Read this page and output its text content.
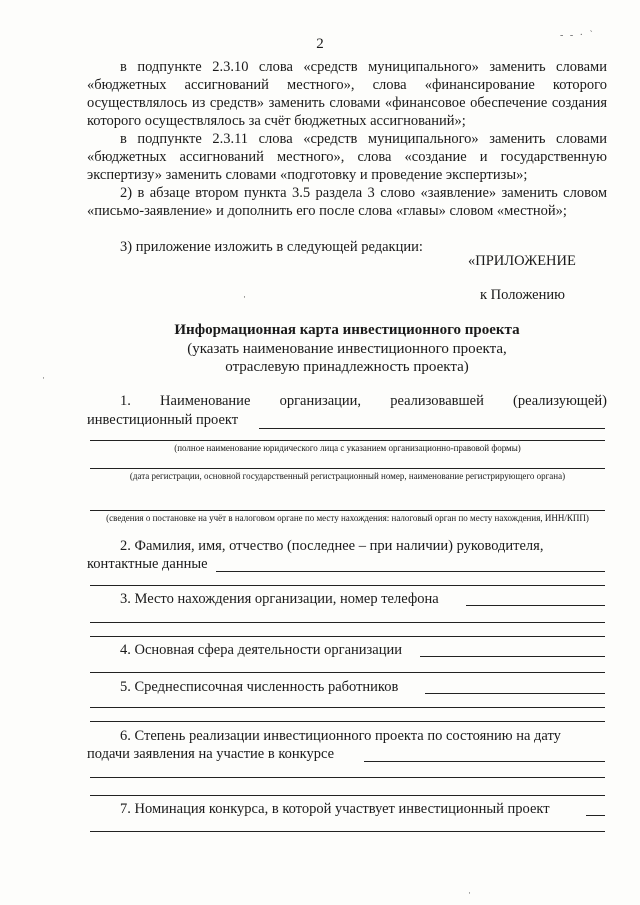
2
- ‐ · ˋ
·
·
·
в подпункте 2.3.10 слова «средств муниципального» заменить словами «бюджетных ассигнований местного», слова «финансирование которого осуществлялось из средств» заменить словами «финансовое обеспечение создания которого осуществлялось за счёт бюджетных ассигнований»;
в подпункте 2.3.11 слова «средств муниципального» заменить словами «бюджетных ассигнований местного», слова «создание и государственную экспертизу» заменить словами «подготовку и проведение экспертизы»;
2) в абзаце втором пункта 3.5 раздела 3 слово «заявление» заменить словом «письмо-заявление» и дополнить его после слова «главы» словом «местной»;
3) приложение изложить в следующей редакции:
«ПРИЛОЖЕНИЕ
к Положению
Информационная карта инвестиционного проекта
(указать наименование инвестиционного проекта,
отраслевую принадлежность проекта)
1. Наименование организации, реализовавшей (реализующей)
инвестиционный проект
(полное наименование юридического лица с указанием организационно-правовой формы)
(дата регистрации, основной государственный регистрационный номер, наименование регистрирующего органа)
(сведения о постановке на учёт в налоговом органе по месту нахождения: налоговый орган по месту нахождения, ИНН/КПП)
2. Фамилия, имя, отчество (последнее – при наличии) руководителя,
контактные данные
3. Место нахождения организации, номер телефона
4. Основная сфера деятельности организации
5. Среднесписочная численность работников
6. Степень реализации инвестиционного проекта по состоянию на дату
подачи заявления на участие в конкурсе
7. Номинация конкурса, в которой участвует инвестиционный проект
